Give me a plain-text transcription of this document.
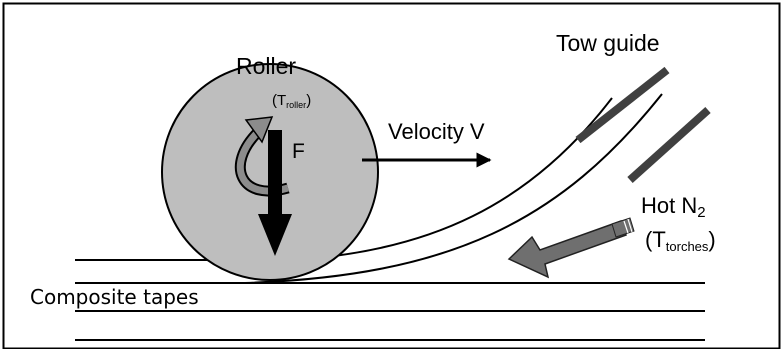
Roller
$(T_{roller})$
F
Velocity V
Tow guide
Hot N2
(Ttorches)
Composite tapes
